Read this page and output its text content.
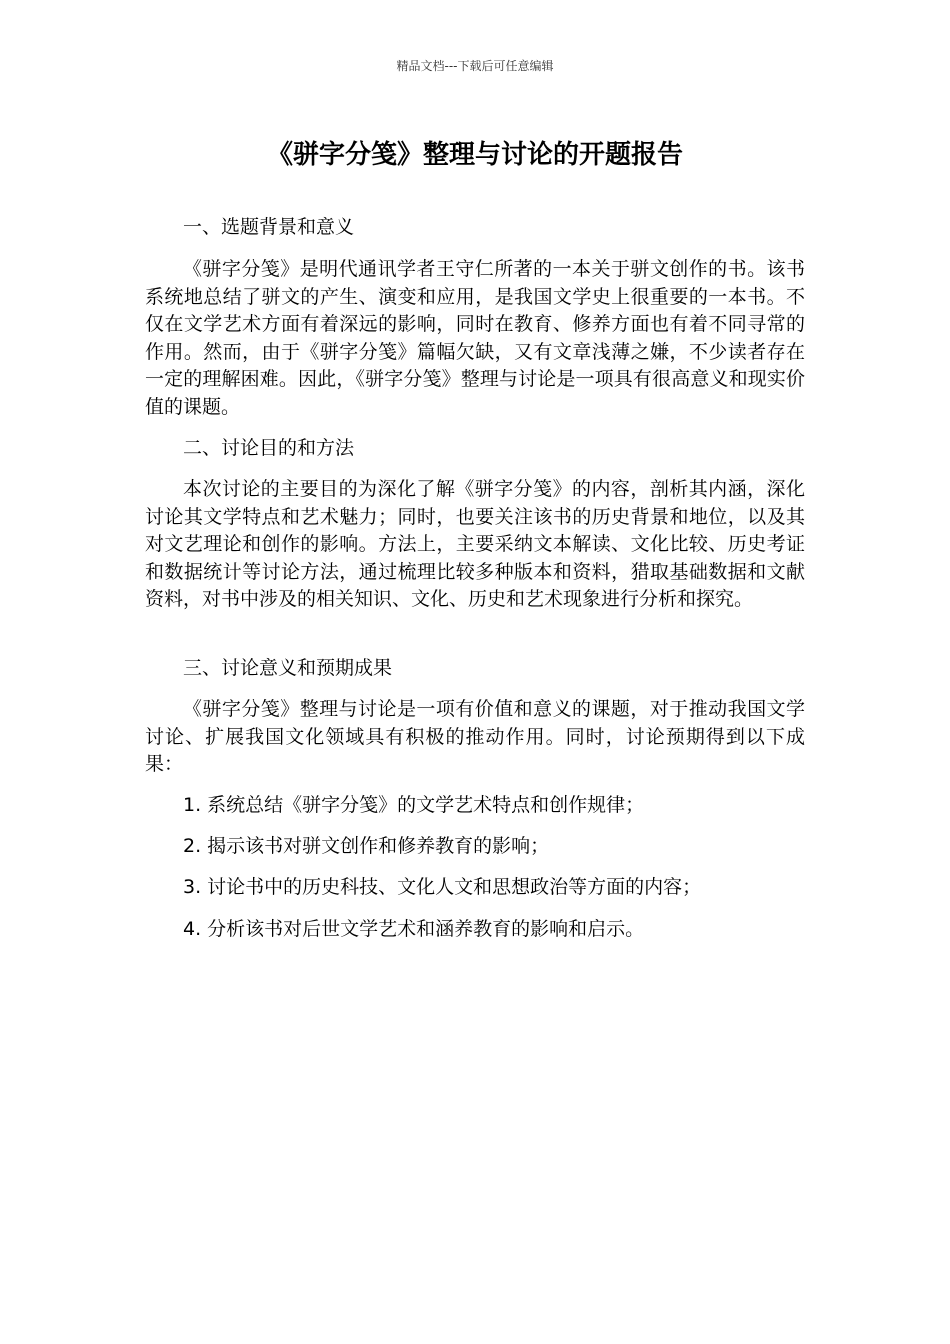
精品文档---下载后可任意编辑
《骈字分笺》整理与讨论的开题报告

一、选题背景和意义

《骈字分笺》是明代通讯学者王守仁所著的一本关于骈文创作的书。该书系统地总结了骈文的产生、演变和应用，是我国文学史上很重要的一本书。不仅在文学艺术方面有着深远的影响，同时在教育、修养方面也有着不同寻常的作用。然而，由于《骈字分笺》篇幅欠缺，又有文章浅薄之嫌，不少读者存在一定的理解困难。因此，《骈字分笺》整理与讨论是一项具有很高意义和现实价值的课题。

二、讨论目的和方法

本次讨论的主要目的为深化了解《骈字分笺》的内容，剖析其内涵，深化讨论其文学特点和艺术魅力；同时，也要关注该书的历史背景和地位，以及其对文艺理论和创作的影响。方法上，主要采纳文本解读、文化比较、历史考证和数据统计等讨论方法，通过梳理比较多种版本和资料，猎取基础数据和文献资料，对书中涉及的相关知识、文化、历史和艺术现象进行分析和探究。

三、讨论意义和预期成果

《骈字分笺》整理与讨论是一项有价值和意义的课题，对于推动我国文学讨论、扩展我国文化领域具有积极的推动作用。同时，讨论预期得到以下成果：

1. 系统总结《骈字分笺》的文学艺术特点和创作规律；

2. 揭示该书对骈文创作和修养教育的影响；

3. 讨论书中的历史科技、文化人文和思想政治等方面的内容；

4. 分析该书对后世文学艺术和涵养教育的影响和启示。
